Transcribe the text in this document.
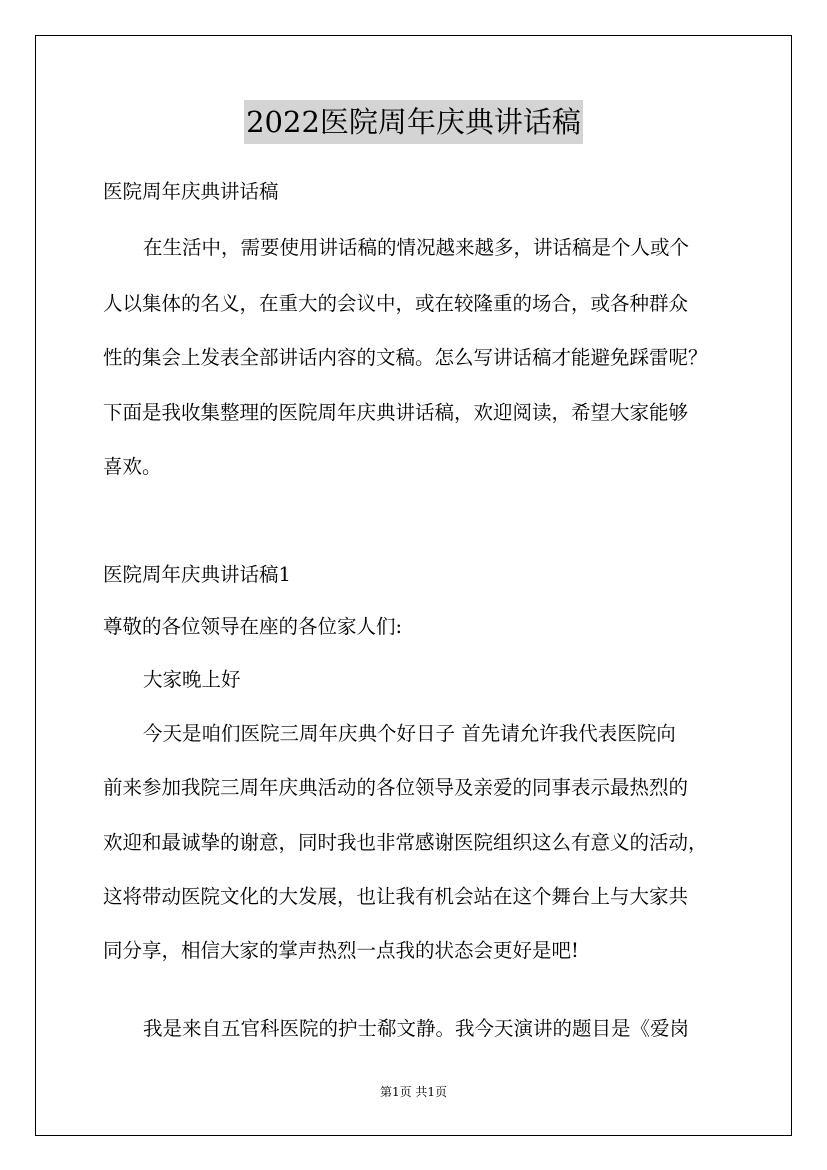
2022医院周年庆典讲话稿
医院周年庆典讲话稿
在生活中，需要使用讲话稿的情况越来越多，讲话稿是个人或个
人以集体的名义，在重大的会议中，或在较隆重的场合，或各种群众
性的集会上发表全部讲话内容的文稿。怎么写讲话稿才能避免踩雷呢？
下面是我收集整理的医院周年庆典讲话稿，欢迎阅读，希望大家能够
喜欢。
医院周年庆典讲话稿1
尊敬的各位领导在座的各位家人们:
大家晚上好
今天是咱们医院三周年庆典个好日子 首先请允许我代表医院向
前来参加我院三周年庆典活动的各位领导及亲爱的同事表示最热烈的
欢迎和最诚挚的谢意，同时我也非常感谢医院组织这么有意义的活动，
这将带动医院文化的大发展，也让我有机会站在这个舞台上与大家共
同分享，相信大家的掌声热烈一点我的状态会更好是吧!
我是来自五官科医院的护士郗文静。我今天演讲的题目是《爱岗
第1页 共1页
